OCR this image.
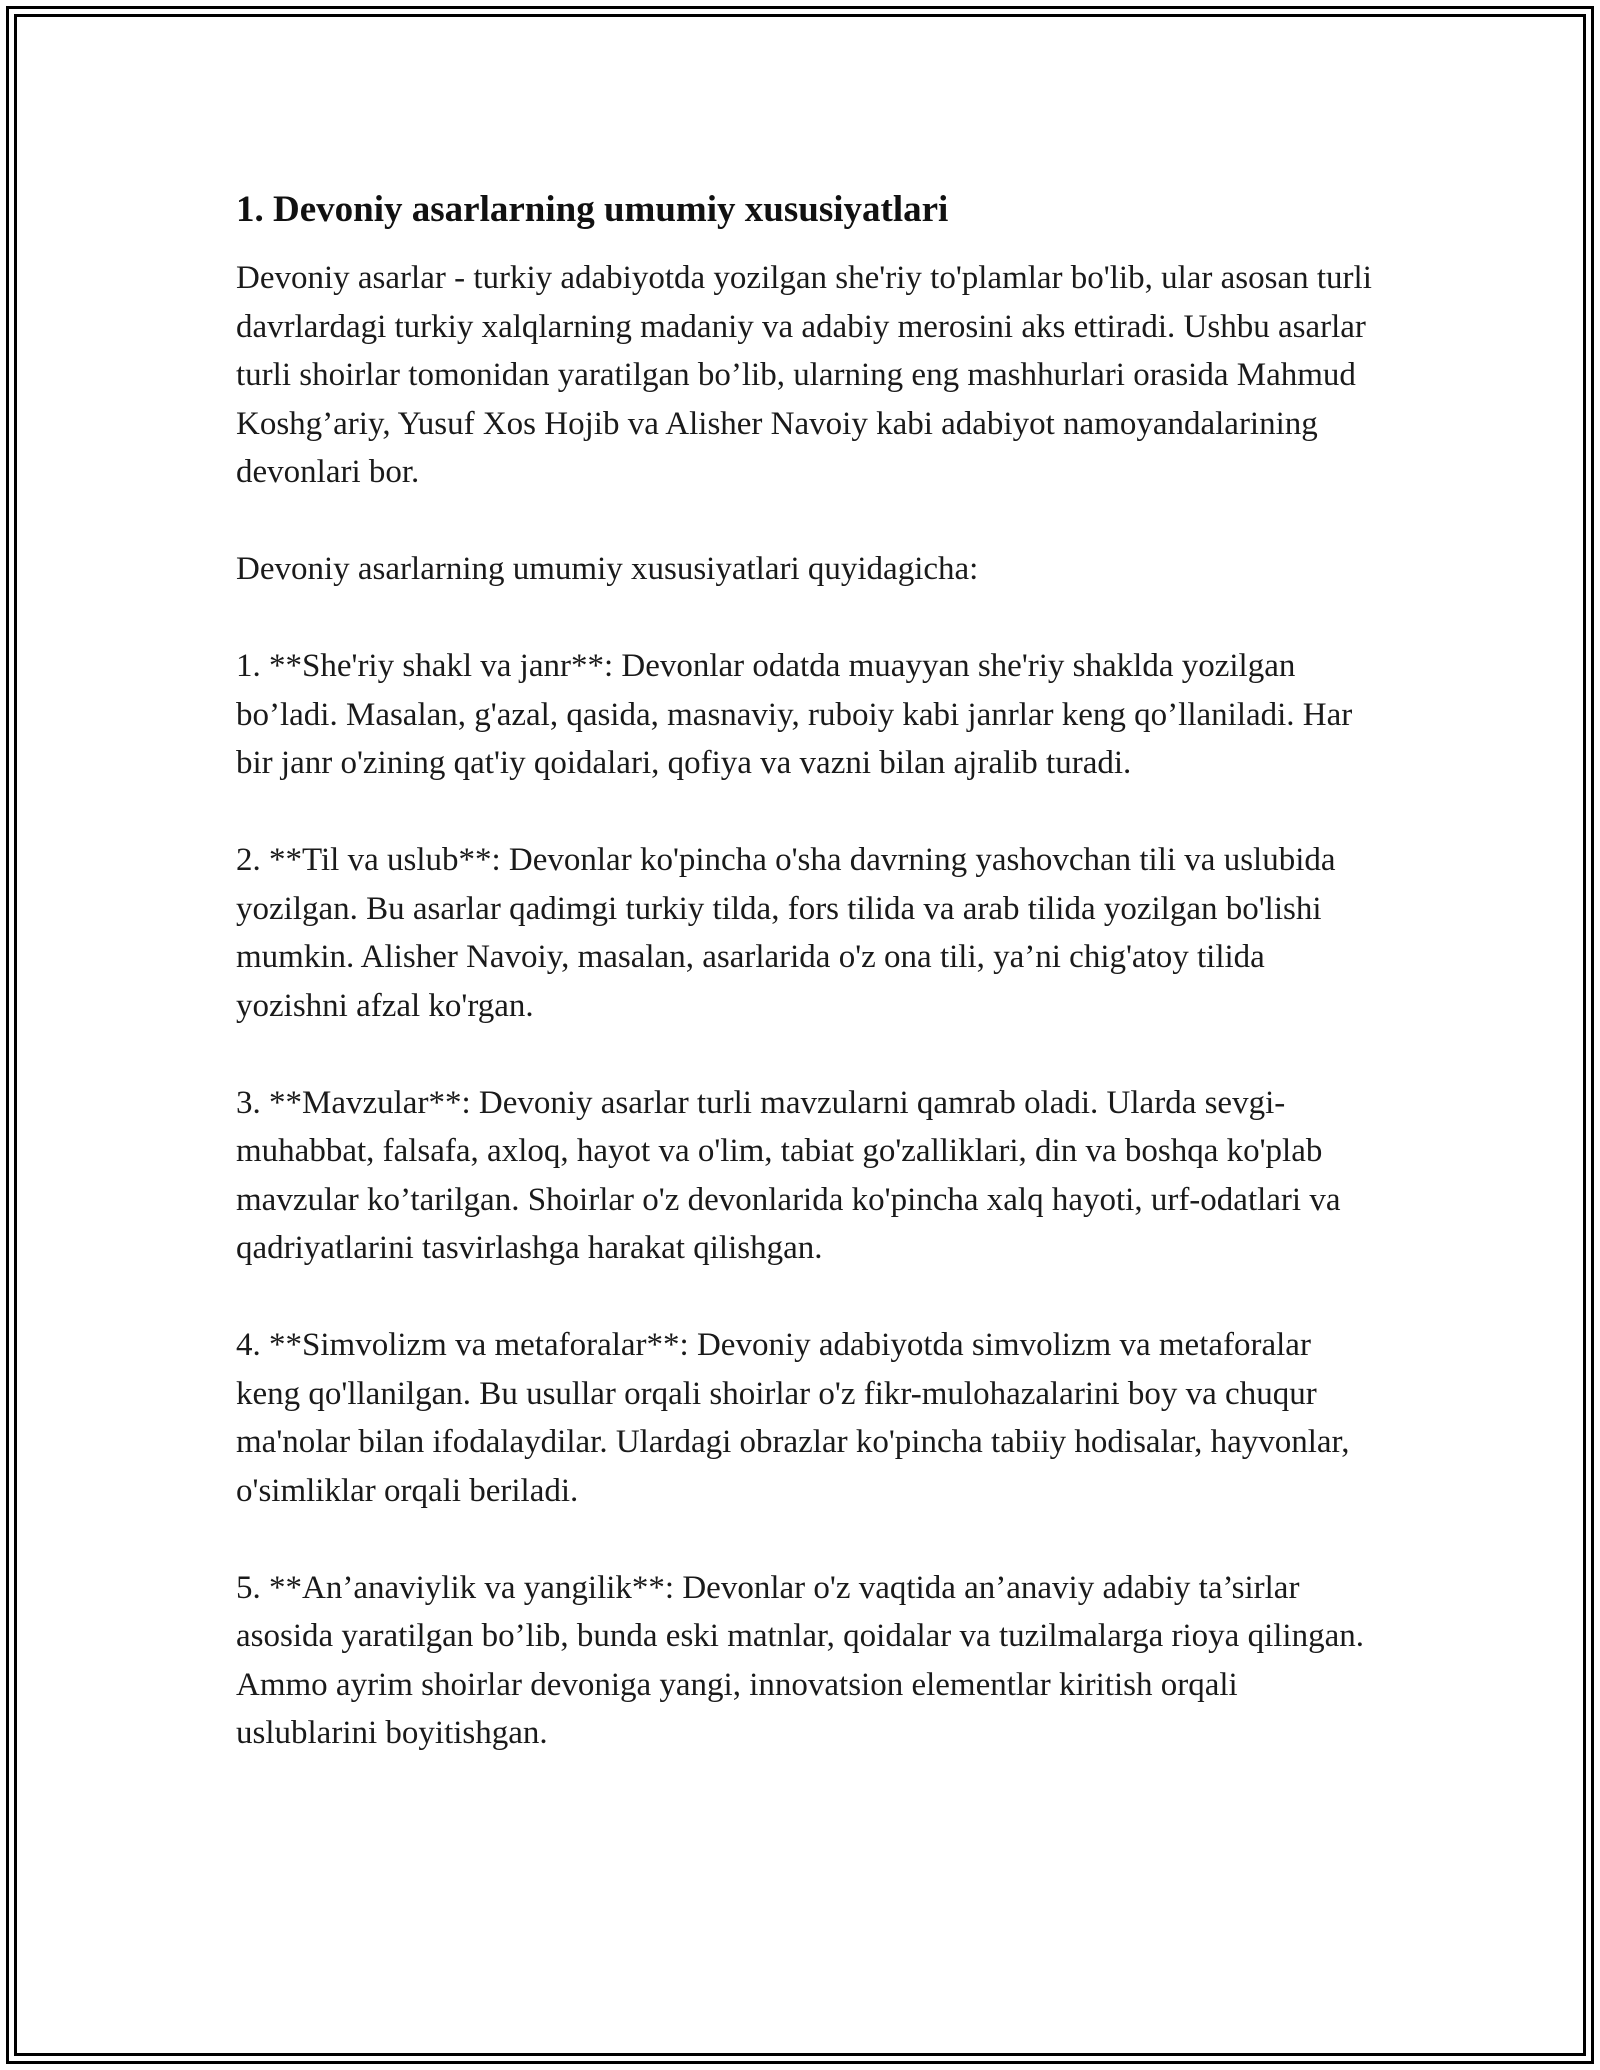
1. Devoniy asarlarning umumiy xususiyatlari

Devoniy asarlar - turkiy adabiyotda yozilgan she'riy to'plamlar bo'lib, ular asosan turli davrlardagi turkiy xalqlarning madaniy va adabiy merosini aks ettiradi. Ushbu asarlar turli shoirlar tomonidan yaratilgan bo’lib, ularning eng mashhurlari orasida Mahmud Koshg’ariy, Yusuf Xos Hojib va Alisher Navoiy kabi adabiyot namoyandalarining devonlari bor.

Devoniy asarlarning umumiy xususiyatlari quyidagicha:

1. **She'riy shakl va janr**: Devonlar odatda muayyan she'riy shaklda yozilgan bo’ladi. Masalan, g'azal, qasida, masnaviy, ruboiy kabi janrlar keng qo’llaniladi. Har bir janr o'zining qat'iy qoidalari, qofiya va vazni bilan ajralib turadi.

2. **Til va uslub**: Devonlar ko'pincha o'sha davrning yashovchan tili va uslubida yozilgan. Bu asarlar qadimgi turkiy tilda, fors tilida va arab tilida yozilgan bo'lishi mumkin. Alisher Navoiy, masalan, asarlarida o'z ona tili, ya’ni chig'atoy tilida yozishni afzal ko'rgan.

3. **Mavzular**: Devoniy asarlar turli mavzularni qamrab oladi. Ularda sevgi-muhabbat, falsafa, axloq, hayot va o'lim, tabiat go'zalliklari, din va boshqa ko'plab mavzular ko’tarilgan. Shoirlar o'z devonlarida ko'pincha xalq hayoti, urf-odatlari va qadriyatlarini tasvirlashga harakat qilishgan.

4. **Simvolizm va metaforalar**: Devoniy adabiyotda simvolizm va metaforalar keng qo'llanilgan. Bu usullar orqali shoirlar o'z fikr-mulohazalarini boy va chuqur ma'nolar bilan ifodalaydilar. Ulardagi obrazlar ko'pincha tabiiy hodisalar, hayvonlar, o'simliklar orqali beriladi.

5. **An’anaviylik va yangilik**: Devonlar o'z vaqtida an’anaviy adabiy ta’sirlar asosida yaratilgan bo’lib, bunda eski matnlar, qoidalar va tuzilmalarga rioya qilingan. Ammo ayrim shoirlar devoniga yangi, innovatsion elementlar kiritish orqali uslublarini boyitishgan.
